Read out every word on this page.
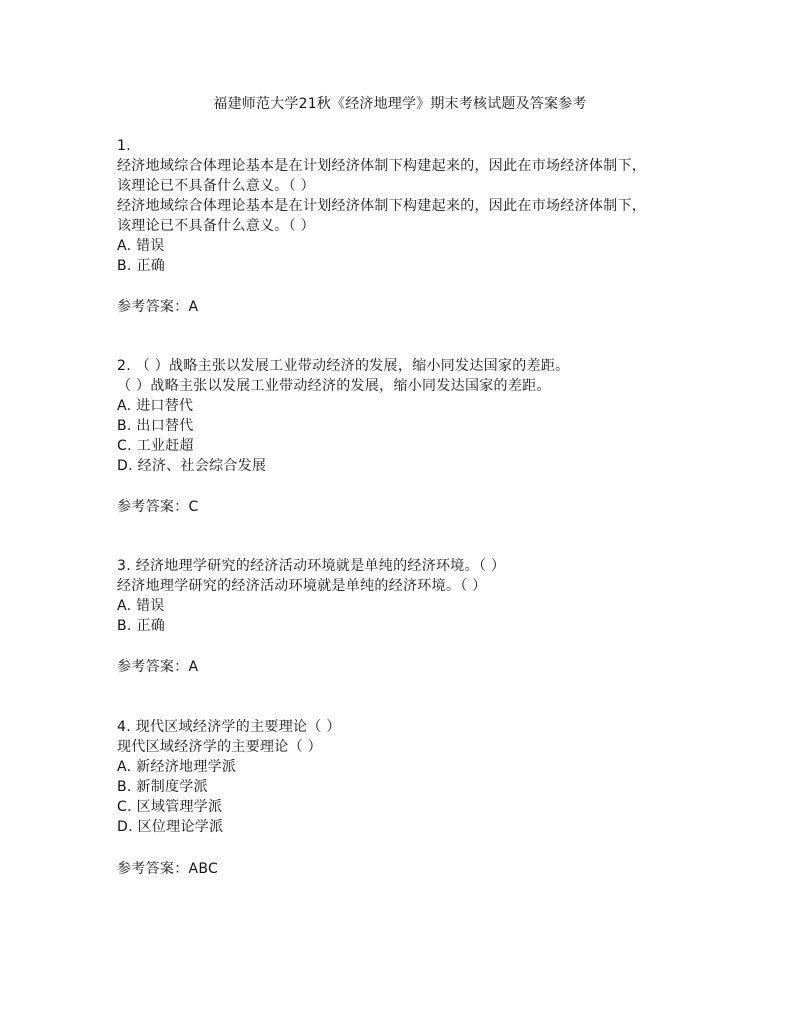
福建师范大学21秋《经济地理学》期末考核试题及答案参考
1.
经济地域综合体理论基本是在计划经济体制下构建起来的，因此在市场经济体制下，
该理论已不具备什么意义。（ ）
经济地域综合体理论基本是在计划经济体制下构建起来的，因此在市场经济体制下，
该理论已不具备什么意义。（ ）
A. 错误
B. 正确
参考答案：A
2. （ ）战略主张以发展工业带动经济的发展，缩小同发达国家的差距。
（ ）战略主张以发展工业带动经济的发展，缩小同发达国家的差距。
A. 进口替代
B. 出口替代
C. 工业赶超
D. 经济、社会综合发展
参考答案：C
3. 经济地理学研究的经济活动环境就是单纯的经济环境。（ ）
经济地理学研究的经济活动环境就是单纯的经济环境。（ ）
A. 错误
B. 正确
参考答案：A
4. 现代区域经济学的主要理论（ ）
现代区域经济学的主要理论（ ）
A. 新经济地理学派
B. 新制度学派
C. 区域管理学派
D. 区位理论学派
参考答案：ABC
